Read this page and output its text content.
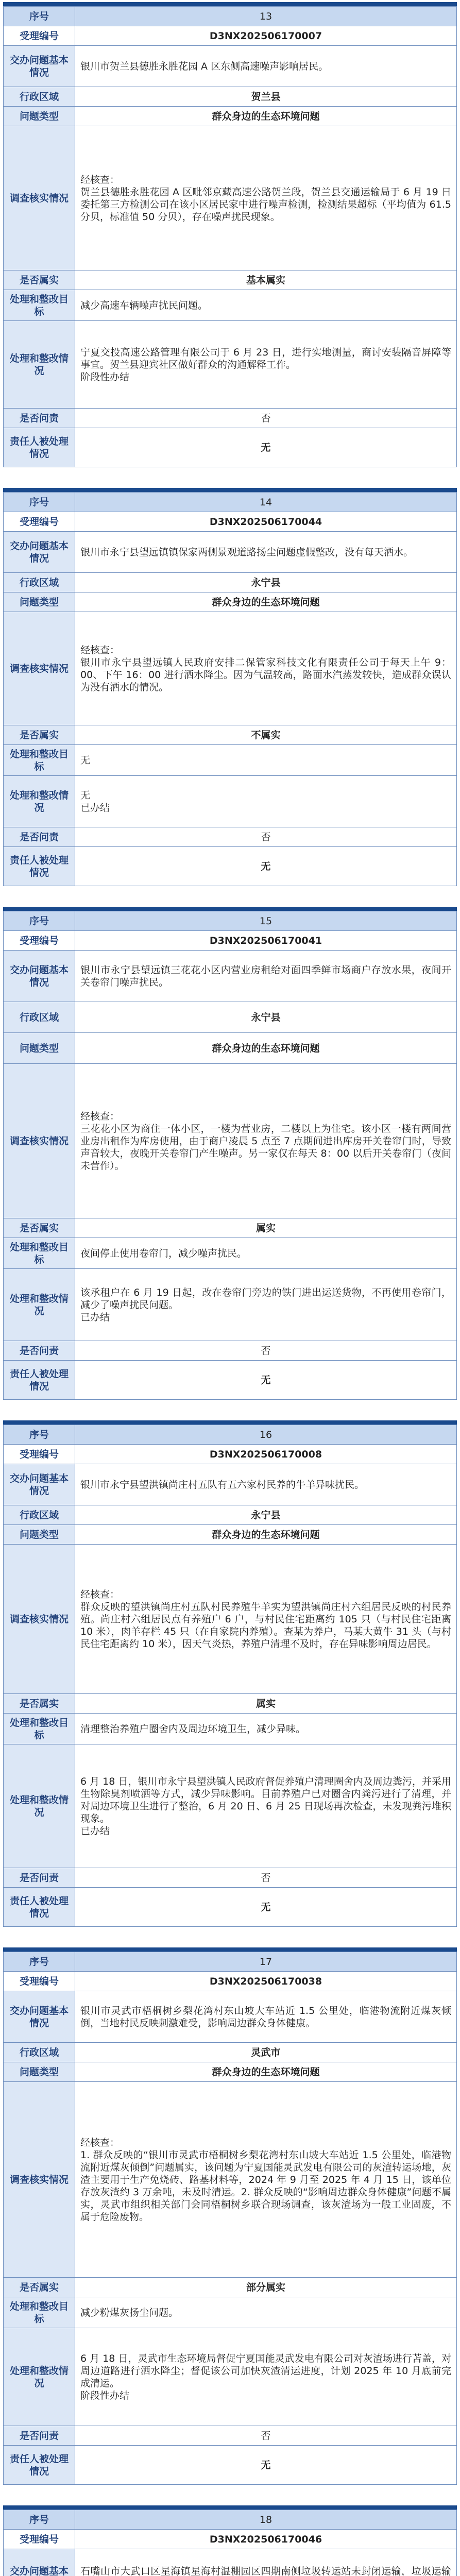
序号	13
受理编号	D3NX202506170007
交办问题基本情况	银川市贺兰县德胜永胜花园 A 区东侧高速噪声影响居民。
行政区域	贺兰县
问题类型	群众身边的生态环境问题
调查核实情况	经核查：
贺兰县德胜永胜花园 A 区毗邻京藏高速公路贺兰段，贺兰县交通运输局于 6 月 19 日委托第三方检测公司在该小区居民家中进行噪声检测，检测结果超标（平均值为 61.5 分贝，标准值 50 分贝），存在噪声扰民现象。

是否属实	基本属实
处理和整改目标	减少高速车辆噪声扰民问题。
处理和整改情况	宁夏交投高速公路管理有限公司于 6 月 23 日，进行实地测量，商讨安装隔音屏障等事宜。贺兰县迎宾社区做好群众的沟通解释工作。
阶段性办结

是否问责	否
责任人被处理情况	无
序号	14
受理编号	D3NX202506170044
交办问题基本情况	银川市永宁县望远镇镇保家两侧景观道路扬尘问题虚假整改，没有每天洒水。
行政区域	永宁县
问题类型	群众身边的生态环境问题
调查核实情况	经核查：
银川市永宁县望远镇人民政府安排二保管家科技文化有限责任公司于每天上午 9：00、下午 16：00 进行洒水降尘。因为气温较高，路面水汽蒸发较快，造成群众误认为没有洒水的情况。

是否属实	不属实
处理和整改目标	无
处理和整改情况	无
已办结

是否问责	否
责任人被处理情况	无
序号	15
受理编号	D3NX202506170041
交办问题基本情况	银川市永宁县望远镇三花花小区内营业房租给对面四季鲜市场商户存放水果，夜间开关卷帘门噪声扰民。
行政区域	永宁县
问题类型	群众身边的生态环境问题
调查核实情况	经核查：
三花花小区为商住一体小区，一楼为营业房，二楼以上为住宅。该小区一楼有两间营业房出租作为库房使用，由于商户凌晨 5 点至 7 点期间进出库房开关卷帘门时，导致声音较大，夜晚开关卷帘门产生噪声。另一家仅在每天 8：00 以后开关卷帘门（夜间未营作）。

是否属实	属实
处理和整改目标	夜间停止使用卷帘门，减少噪声扰民。
处理和整改情况	该承租户在 6 月 19 日起，改在卷帘门旁边的铁门进出运送货物，不再使用卷帘门，减少了噪声扰民问题。
已办结

是否问责	否
责任人被处理情况	无
序号	16
受理编号	D3NX202506170008
交办问题基本情况	银川市永宁县望洪镇尚庄村五队有五六家村民养的牛羊异味扰民。
行政区域	永宁县
问题类型	群众身边的生态环境问题
调查核实情况	经核查：
群众反映的望洪镇尚庄村五队村民养殖牛羊实为望洪镇尚庄村六组居民反映的村民养殖。尚庄村六组居民点有养殖户 6 户，与村民住宅距离约 105 只（与村民住宅距离 10 米），肉羊存栏 45 只（在自家院内养殖）。查某为养户，马某大黄牛 31 头（与村民住宅距离约 10 米），因天气炎热，养殖户清理不及时，存在异味影响周边居民。

是否属实	属实
处理和整改目标	清理整治养殖户圈舍内及周边环境卫生，减少异味。
处理和整改情况	6 月 18 日，银川市永宁县望洪镇人民政府督促养殖户清理圈舍内及周边粪污，并采用生物除臭剂喷洒等方式，减少异味影响。目前养殖户已对圈舍内粪污进行了清理，并对周边环境卫生进行了整治，6 月 20 日、6 月 25 日现场再次检查，未发现粪污堆积现象。
已办结

是否问责	否
责任人被处理情况	无
序号	17
受理编号	D3NX202506170038
交办问题基本情况	银川市灵武市梧桐树乡梨花湾村东山坡大车站近 1.5 公里处，临港物流附近煤灰倾倒，当地村民反映刺激难受，影响周边群众身体健康。
行政区域	灵武市
问题类型	群众身边的生态环境问题
调查核实情况	经核查：
1. 群众反映的“银川市灵武市梧桐树乡梨花湾村东山坡大车站近 1.5 公里处，临港物流附近煤灰倾倒”问题属实，该问题为宁夏国能灵武发电有限公司的灰渣转运场地，灰渣主要用于生产免烧砖、路基材料等，2024 年 9 月至 2025 年 4 月 15 日，该单位存放灰渣约 3 万余吨，未及时清运。2. 群众反映的“影响周边群众身体健康”问题不属实，灵武市组织相关部门会同梧桐树乡联合现场调查，该灰渣场为一般工业固废，不属于危险废物。

是否属实	部分属实
处理和整改目标	减少粉煤灰扬尘问题。
处理和整改情况	6 月 18 日，灵武市生态环境局督促宁夏国能灵武发电有限公司对灰渣场进行苫盖，对周边道路进行洒水降尘；督促该公司加快灰渣清运进度，计划 2025 年 10 月底前完成清运。
阶段性办结

是否问责	否
责任人被处理情况	无
序号	18
受理编号	D3NX202506170046
交办问题基本	石嘴山市大武口区星海镇星海村温棚园区四期南侧垃圾转运站未封闭运输，垃圾运输
